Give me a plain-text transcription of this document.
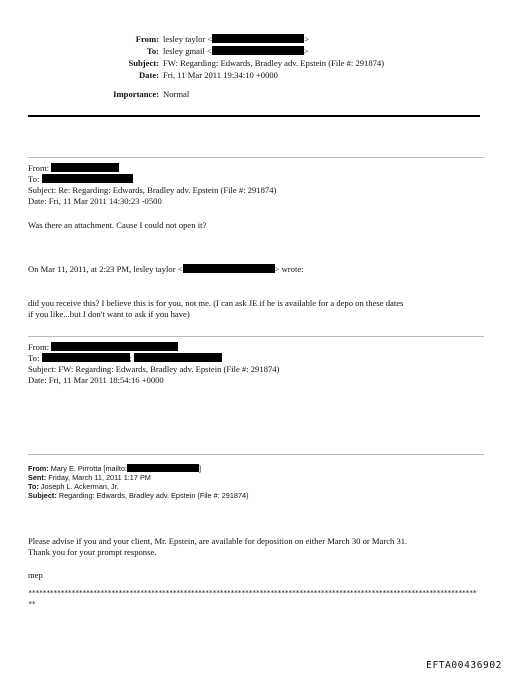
From: lesley taylor <	>
To: lesley gmail <	>
Subject: FW: Regarding: Edwards, Bradley adv. Epstein (File #: 291874)
Date: Fri, 11 Mar 2011 19:34:10 +0000
Importance: Normal
From:
To:
Subject: Re: Regarding: Edwards, Bradley adv. Epstein (File #: 291874)
Date: Fri, 11 Mar 2011 14:30:23 -0500
Was there an attachment. Cause I could not open it?
On Mar 11, 2011, at 2:23 PM, lesley taylor <	> wrote:
did you receive this? I believe this is for you, not me. (I can ask JE if he is available for a depo on these dates
if you like...but I don't want to ask if you have)
From:
To:	;
Subject: FW: Regarding: Edwards, Bradley adv. Epstein (File #: 291874)
Date: Fri, 11 Mar 2011 18:54:16 +0000
From: Mary E. Pirrotta [mailto:	]
Sent: Friday, March 11, 2011 1:17 PM
To: Joseph L. Ackerman, Jr.
Subject: Regarding: Edwards, Bradley adv. Epstein (File #: 291874)
Please advise if you and your client, Mr. Epstein, are available for deposition on either March 30 or March 31.
Thank you for your prompt response.
mep
****************************************************************************************************************************
**
EFTA00436902
